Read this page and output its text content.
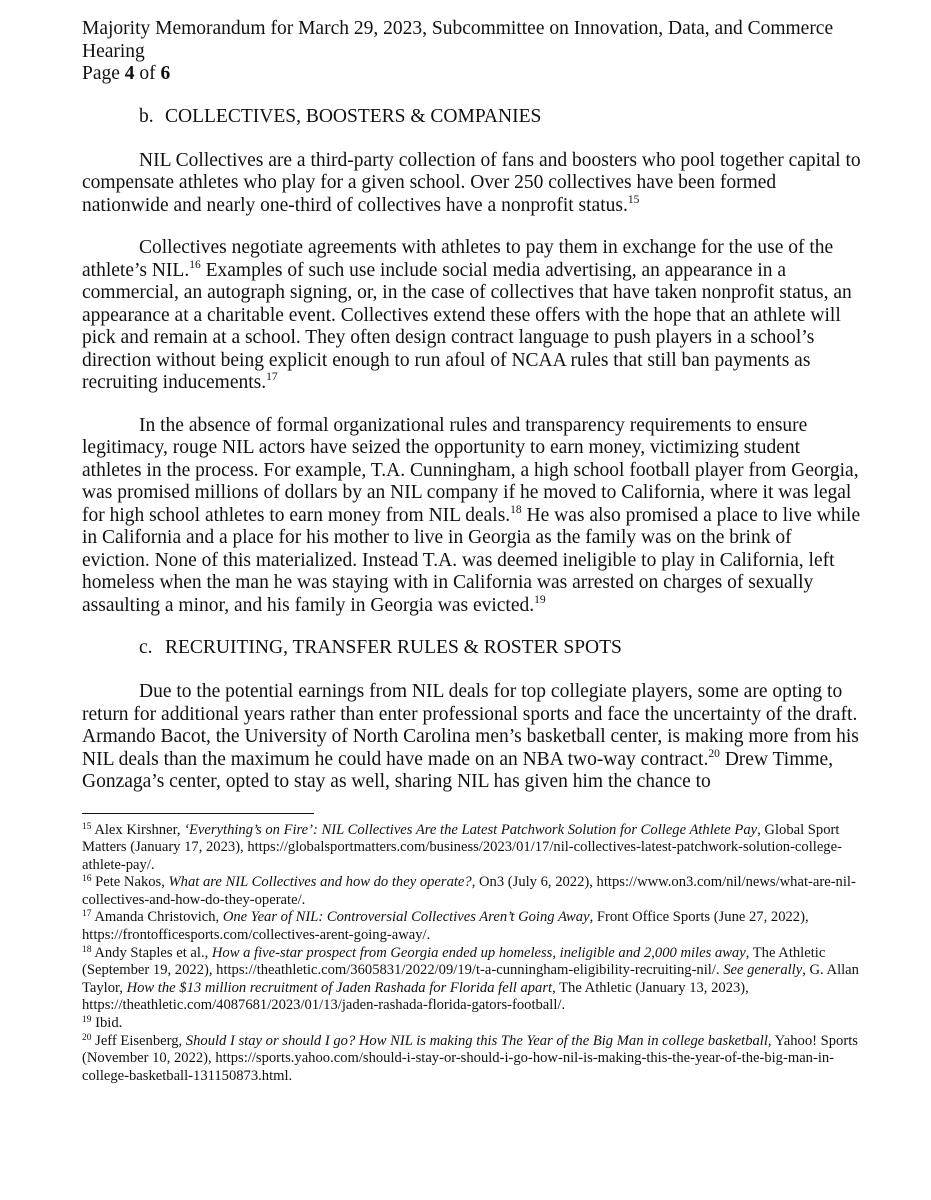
Majority Memorandum for March 29, 2023, Subcommittee on Innovation, Data, and Commerce
Hearing
Page 4 of 6
b. COLLECTIVES, BOOSTERS & COMPANIES

NIL Collectives are a third-party collection of fans and boosters who pool together capital to compensate athletes who play for a given school. Over 250 collectives have been formed nationwide and nearly one-third of collectives have a nonprofit status.$^{15}$

Collectives negotiate agreements with athletes to pay them in exchange for the use of the athlete’s NIL.$^{16}$ Examples of such use include social media advertising, an appearance in a commercial, an autograph signing, or, in the case of collectives that have taken nonprofit status, an appearance at a charitable event. Collectives extend these offers with the hope that an athlete will pick and remain at a school. They often design contract language to push players in a school’s direction without being explicit enough to run afoul of NCAA rules that still ban payments as recruiting inducements.$^{17}$

In the absence of formal organizational rules and transparency requirements to ensure legitimacy, rouge NIL actors have seized the opportunity to earn money, victimizing student athletes in the process. For example, T.A. Cunningham, a high school football player from Georgia, was promised millions of dollars by an NIL company if he moved to California, where it was legal for high school athletes to earn money from NIL deals.$^{18}$ He was also promised a place to live while in California and a place for his mother to live in Georgia as the family was on the brink of eviction. None of this materialized. Instead T.A. was deemed ineligible to play in California, left homeless when the man he was staying with in California was arrested on charges of sexually assaulting a minor, and his family in Georgia was evicted.$^{19}$

c. RECRUITING, TRANSFER RULES & ROSTER SPOTS

Due to the potential earnings from NIL deals for top collegiate players, some are opting to return for additional years rather than enter professional sports and face the uncertainty of the draft. Armando Bacot, the University of North Carolina men’s basketball center, is making more from his NIL deals than the maximum he could have made on an NBA two-way contract.$^{20}$ Drew Timme, Gonzaga’s center, opted to stay as well, sharing NIL has given him the chance to

$^{15}$ Alex Kirshner, ‘Everything’s on Fire’: NIL Collectives Are the Latest Patchwork Solution for College Athlete Pay, Global Sport Matters (January 17, 2023), https://globalsportmatters.com/business/2023/01/17/nil-collectives-latest-patchwork-solution-college-athlete-pay/.

$^{16}$ Pete Nakos, What are NIL Collectives and how do they operate?, On3 (July 6, 2022), https://www.on3.com/nil/news/what-are-nil-collectives-and-how-do-they-operate/.

$^{17}$ Amanda Christovich, One Year of NIL: Controversial Collectives Aren’t Going Away, Front Office Sports (June 27, 2022), https://frontofficesports.com/collectives-arent-going-away/.

$^{18}$ Andy Staples et al., How a five-star prospect from Georgia ended up homeless, ineligible and 2,000 miles away, The Athletic (September 19, 2022), https://theathletic.com/3605831/2022/09/19/t-a-cunningham-eligibility-recruiting-nil/. See generally, G. Allan Taylor, How the $13 million recruitment of Jaden Rashada for Florida fell apart, The Athletic (January 13, 2023), https://theathletic.com/4087681/2023/01/13/jaden-rashada-florida-gators-football/.

$^{19}$ Ibid.

$^{20}$ Jeff Eisenberg, Should I stay or should I go? How NIL is making this The Year of the Big Man in college basketball, Yahoo! Sports (November 10, 2022), https://sports.yahoo.com/should-i-stay-or-should-i-go-how-nil-is-making-this-the-year-of-the-big-man-in-college-basketball-131150873.html.
